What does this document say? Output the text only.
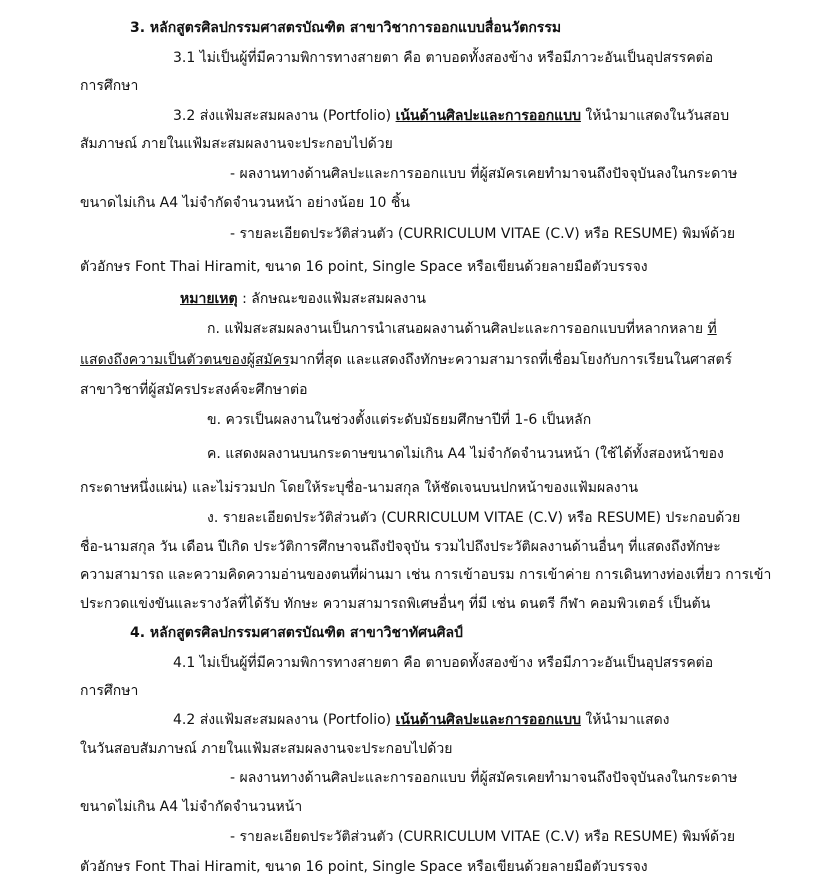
3. หลักสูตรศิลปกรรมศาสตรบัณฑิต สาขาวิชาการออกแบบสื่อนวัตกรรม
3.1 ไม่เป็นผู้ที่มีความพิการทางสายตา คือ ตาบอดทั้งสองข้าง หรือมีภาวะอันเป็นอุปสรรคต่อ
การศึกษา
3.2 ส่งแฟ้มสะสมผลงาน (Portfolio) เน้นด้านศิลปะและการออกแบบ ให้นำมาแสดงในวันสอบ
สัมภาษณ์ ภายในแฟ้มสะสมผลงานจะประกอบไปด้วย
- ผลงานทางด้านศิลปะและการออกแบบ ที่ผู้สมัครเคยทำมาจนถึงปัจจุบันลงในกระดาษ
ขนาดไม่เกิน A4 ไม่จำกัดจำนวนหน้า อย่างน้อย 10 ชิ้น
- รายละเอียดประวัติส่วนตัว (CURRICULUM VITAE (C.V) หรือ RESUME) พิมพ์ด้วย
ตัวอักษร Font Thai Hiramit, ขนาด 16 point, Single Space หรือเขียนด้วยลายมือตัวบรรจง
หมายเหตุ : ลักษณะของแฟ้มสะสมผลงาน
ก. แฟ้มสะสมผลงานเป็นการนำเสนอผลงานด้านศิลปะและการออกแบบที่หลากหลาย ที่
แสดงถึงความเป็นตัวตนของผู้สมัครมากที่สุด และแสดงถึงทักษะความสามารถที่เชื่อมโยงกับการเรียนในศาสตร์
สาขาวิชาที่ผู้สมัครประสงค์จะศึกษาต่อ
ข. ควรเป็นผลงานในช่วงตั้งแต่ระดับมัธยมศึกษาปีที่ 1-6 เป็นหลัก
ค. แสดงผลงานบนกระดาษขนาดไม่เกิน A4 ไม่จำกัดจำนวนหน้า (ใช้ได้ทั้งสองหน้าของ
กระดาษหนึ่งแผ่น) และไม่รวมปก โดยให้ระบุชื่อ-นามสกุล ให้ชัดเจนบนปกหน้าของแฟ้มผลงาน
ง. รายละเอียดประวัติส่วนตัว (CURRICULUM VITAE (C.V) หรือ RESUME) ประกอบด้วย
ชื่อ-นามสกุล วัน เดือน ปีเกิด ประวัติการศึกษาจนถึงปัจจุบัน รวมไปถึงประวัติผลงานด้านอื่นๆ ที่แสดงถึงทักษะ
ความสามารถ และความคิดความอ่านของตนที่ผ่านมา เช่น การเข้าอบรม การเข้าค่าย การเดินทางท่องเที่ยว การเข้า
ประกวดแข่งขันและรางวัลที่ได้รับ ทักษะ ความสามารถพิเศษอื่นๆ ที่มี เช่น ดนตรี กีฬา คอมพิวเตอร์ เป็นต้น
4. หลักสูตรศิลปกรรมศาสตรบัณฑิต สาขาวิชาทัศนศิลป์
4.1 ไม่เป็นผู้ที่มีความพิการทางสายตา คือ ตาบอดทั้งสองข้าง หรือมีภาวะอันเป็นอุปสรรคต่อ
การศึกษา
4.2 ส่งแฟ้มสะสมผลงาน (Portfolio) เน้นด้านศิลปะและการออกแบบ ให้นำมาแสดง
ในวันสอบสัมภาษณ์ ภายในแฟ้มสะสมผลงานจะประกอบไปด้วย
- ผลงานทางด้านศิลปะและการออกแบบ ที่ผู้สมัครเคยทำมาจนถึงปัจจุบันลงในกระดาษ
ขนาดไม่เกิน A4 ไม่จำกัดจำนวนหน้า
- รายละเอียดประวัติส่วนตัว (CURRICULUM VITAE (C.V) หรือ RESUME) พิมพ์ด้วย
ตัวอักษร Font Thai Hiramit, ขนาด 16 point, Single Space หรือเขียนด้วยลายมือตัวบรรจง
